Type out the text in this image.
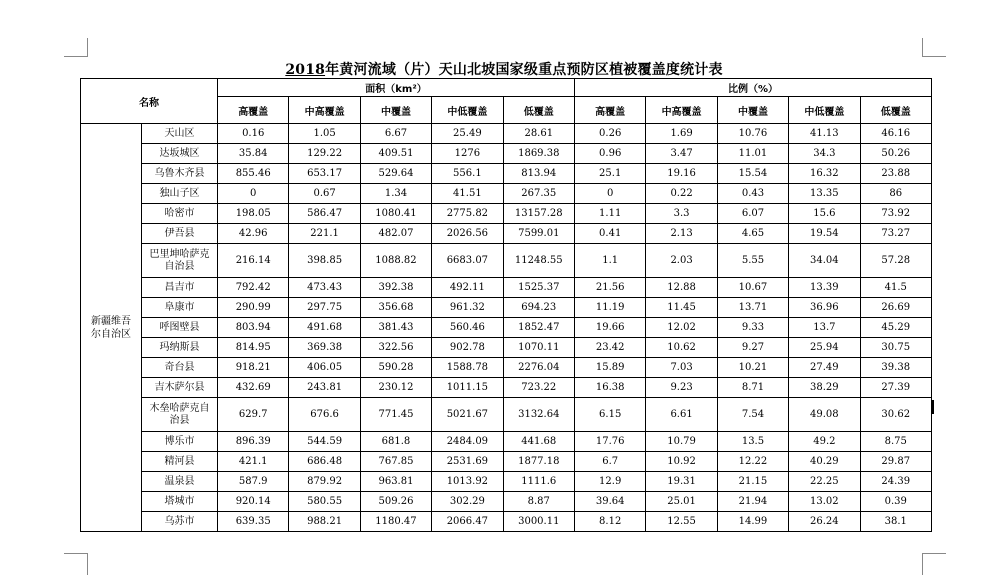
2018年黄河流域（片）天山北坡国家级重点预防区植被覆盖度统计表
名称		面积（km²）					比例（%）				
		高覆盖	中高覆盖	中覆盖	中低覆盖	低覆盖	高覆盖	中高覆盖	中覆盖	中低覆盖	低覆盖
新疆维吾尔自治区	天山区	0.16	1.05	6.67	25.49	28.61	0.26	1.69	10.76	41.13	46.16
	达坂城区	35.84	129.22	409.51	1276	1869.38	0.96	3.47	11.01	34.3	50.26
	乌鲁木齐县	855.46	653.17	529.64	556.1	813.94	25.1	19.16	15.54	16.32	23.88
	独山子区	0	0.67	1.34	41.51	267.35	0	0.22	0.43	13.35	86
	哈密市	198.05	586.47	1080.41	2775.82	13157.28	1.11	3.3	6.07	15.6	73.92
	伊吾县	42.96	221.1	482.07	2026.56	7599.01	0.41	2.13	4.65	19.54	73.27
	巴里坤哈萨克自治县	216.14	398.85	1088.82	6683.07	11248.55	1.1	2.03	5.55	34.04	57.28
	昌吉市	792.42	473.43	392.38	492.11	1525.37	21.56	12.88	10.67	13.39	41.5
	阜康市	290.99	297.75	356.68	961.32	694.23	11.19	11.45	13.71	36.96	26.69
	呼图壁县	803.94	491.68	381.43	560.46	1852.47	19.66	12.02	9.33	13.7	45.29
	玛纳斯县	814.95	369.38	322.56	902.78	1070.11	23.42	10.62	9.27	25.94	30.75
	奇台县	918.21	406.05	590.28	1588.78	2276.04	15.89	7.03	10.21	27.49	39.38
	吉木萨尔县	432.69	243.81	230.12	1011.15	723.22	16.38	9.23	8.71	38.29	27.39
	木垒哈萨克自治县	629.7	676.6	771.45	5021.67	3132.64	6.15	6.61	7.54	49.08	30.62
	博乐市	896.39	544.59	681.8	2484.09	441.68	17.76	10.79	13.5	49.2	8.75
	精河县	421.1	686.48	767.85	2531.69	1877.18	6.7	10.92	12.22	40.29	29.87
	温泉县	587.9	879.92	963.81	1013.92	1111.6	12.9	19.31	21.15	22.25	24.39
	塔城市	920.14	580.55	509.26	302.29	8.87	39.64	25.01	21.94	13.02	0.39
	乌苏市	639.35	988.21	1180.47	2066.47	3000.11	8.12	12.55	14.99	26.24	38.1
